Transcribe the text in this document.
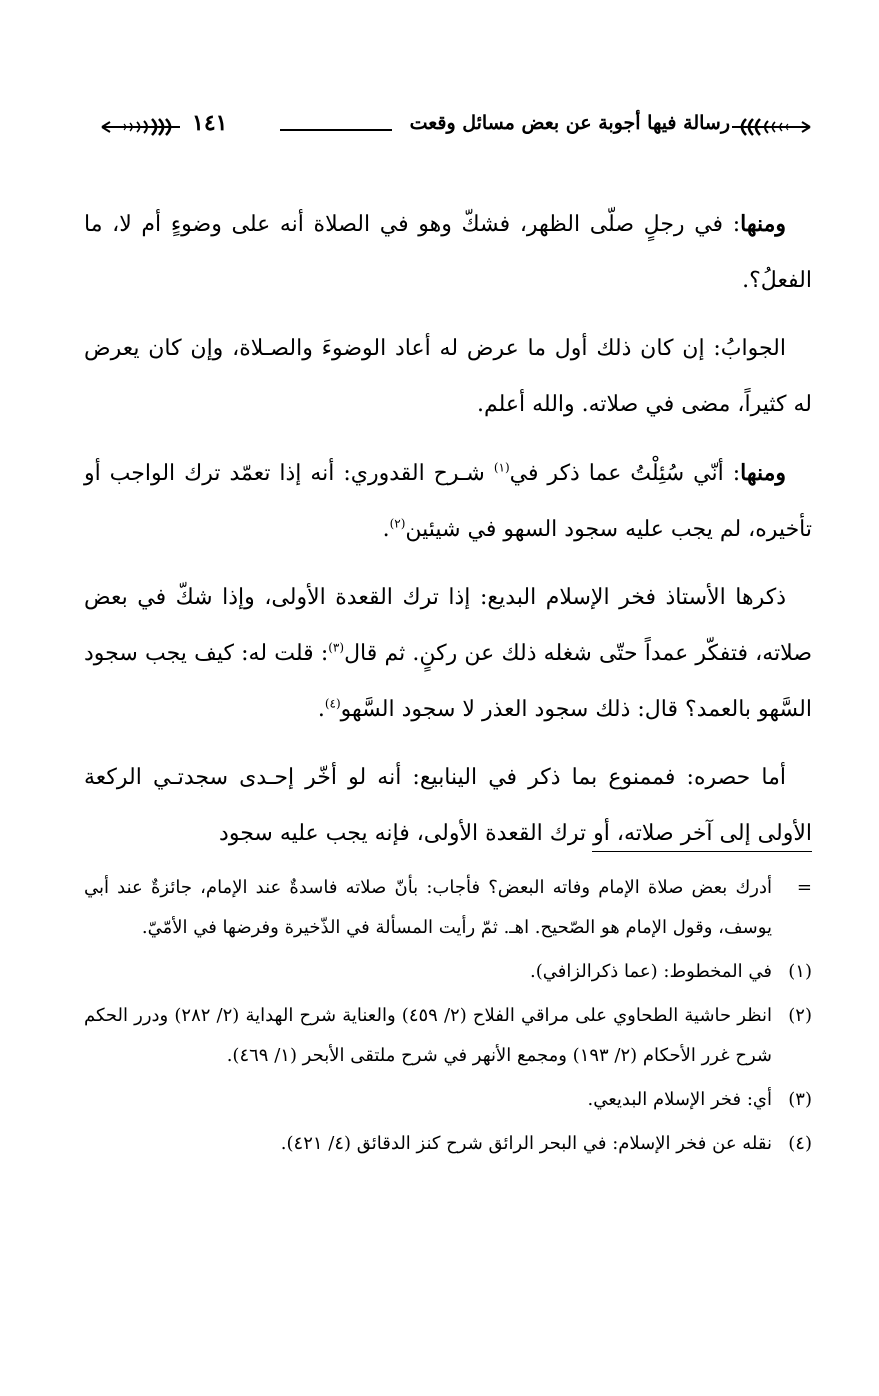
رسالة فيها أجوبة عن بعض مسائل وقعت
١٤١

ومنها: في رجلٍ صلّى الظهر، فشكّ وهو في الصلاة أنه على وضوءٍ أم لا، ما الفعلُ؟.

الجوابُ: إن كان ذلك أول ما عرض له أعاد الوضوءَ والصـلاة، وإن كان يعرض له كثيراً، مضى في صلاته. والله أعلم.

ومنها: أنّي سُئِلْتُ عما ذكر في$^{(١)}$ شـرح القدوري: أنه إذا تعمّد ترك الواجب أو تأخيره، لم يجب عليه سجود السهو في شيئين$^{(٢)}$.

ذكرها الأستاذ فخر الإسلام البديع: إذا ترك القعدة الأولى، وإذا شكّ في بعض صلاته، فتفكّر عمداً حتّى شغله ذلك عن ركنٍ. ثم قال$^{(٣)}$: قلت له: كيف يجب سجود السَّهو بالعمد؟ قال: ذلك سجود العذر لا سجود السَّهو$^{(٤)}$.

أما حصره: فممنوع بما ذكر في الينابيع: أنه لو أخّر إحـدى سجدتـي الركعة الأولى إلى آخر صلاته، أو ترك القعدة الأولى، فإنه يجب عليه سجود

=
أدرك بعض صلاة الإمام وفاته البعض؟ فأجاب: بأنّ صلاته فاسدةٌ عند الإمام، جائزةٌ عند أبي يوسف، وقول الإمام هو الصّحيح. اهـ. ثمّ رأيت المسألة في الذّخيرة وفرضها في الأمّيّ.
(١)
في المخطوط: (عما ذكرالزافي).
(٢)
انظر حاشية الطحاوي على مراقي الفلاح (٢/ ٤٥٩) والعناية شرح الهداية (٢/ ٢٨٢) ودرر الحكم شرح غرر الأحكام (٢/ ١٩٣) ومجمع الأنهر في شرح ملتقى الأبحر (١/ ٤٦٩).
(٣)
أي: فخر الإسلام البديعي.
(٤)
نقله عن فخر الإسلام: في البحر الرائق شرح كنز الدقائق (٤/ ٤٢١).
